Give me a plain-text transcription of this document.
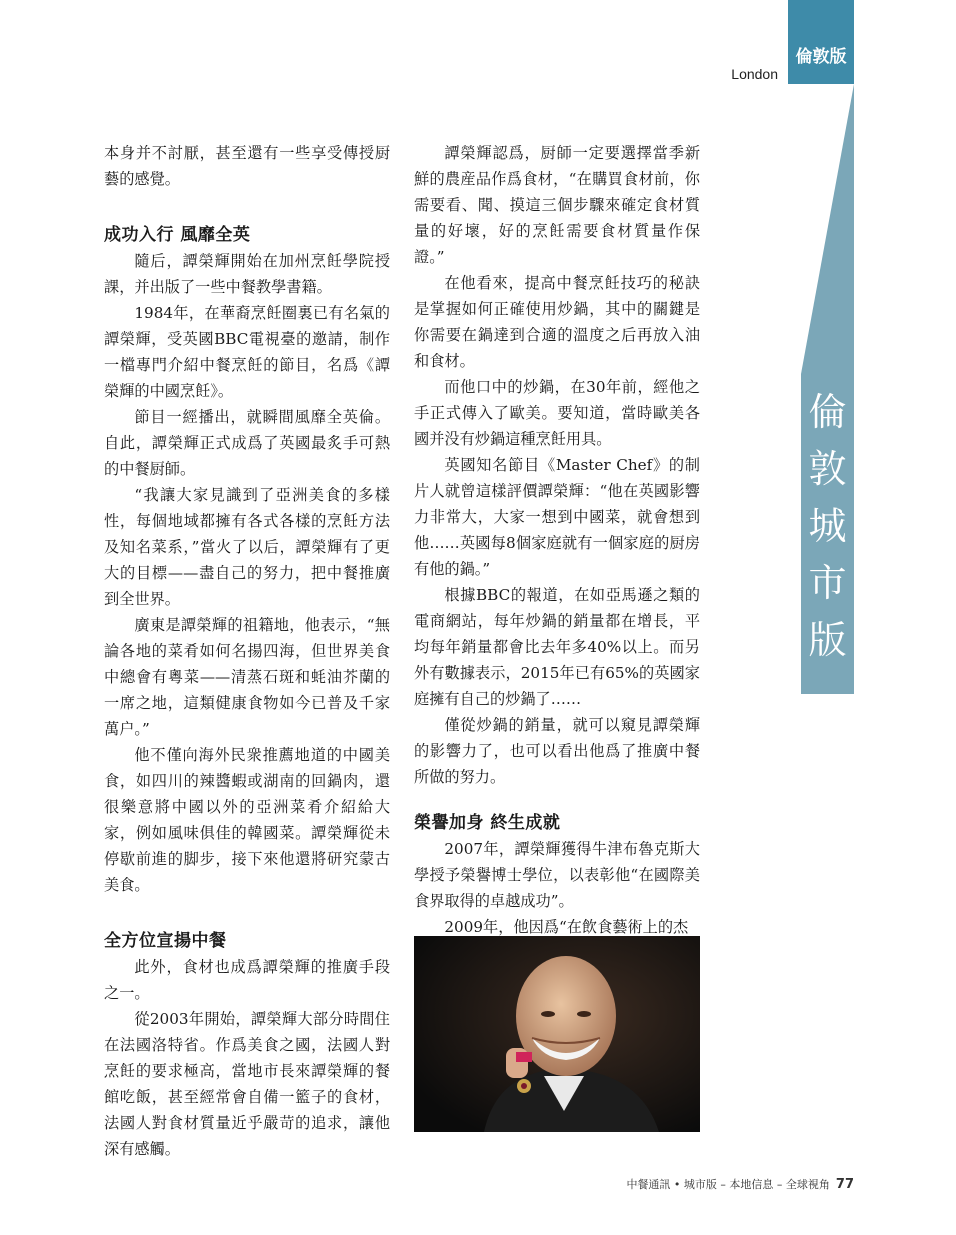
倫敦版
London
倫
敦
城
市
版

本身并不討厭，甚至還有一些享受傳授厨藝的感覺。

成功入行 風靡全英

隨后，譚榮輝開始在加州烹飪學院授課，并出版了一些中餐教學書籍。

1984年，在華裔烹飪圈裏已有名氣的譚榮輝，受英國BBC電視臺的邀請，制作一檔專門介紹中餐烹飪的節目，名爲《譚榮輝的中國烹飪》。

節目一經播出，就瞬間風靡全英倫。自此，譚榮輝正式成爲了英國最炙手可熱的中餐厨師。

“我讓大家見識到了亞洲美食的多樣性，每個地域都擁有各式各樣的烹飪方法及知名菜系，”當火了以后，譚榮輝有了更大的目標——盡自己的努力，把中餐推廣到全世界。

廣東是譚榮輝的祖籍地，他表示，“無論各地的菜肴如何名揚四海，但世界美食中總會有粵菜——清蒸石斑和蚝油芥蘭的一席之地，這類健康食物如今已普及千家萬户。”

他不僅向海外民衆推薦地道的中國美食，如四川的辣醬蝦或湖南的回鍋肉，還很樂意將中國以外的亞洲菜肴介紹給大家，例如風味俱佳的韓國菜。譚榮輝從未停歇前進的脚步，接下來他還將研究蒙古美食。

全方位宣揚中餐

此外，食材也成爲譚榮輝的推廣手段之一。

從2003年開始，譚榮輝大部分時間住在法國洛特省。作爲美食之國，法國人對烹飪的要求極高，當地市長來譚榮輝的餐館吃飯，甚至經常會自備一籃子的食材，法國人對食材質量近乎嚴苛的追求，讓他深有感觸。

譚榮輝認爲，厨師一定要選擇當季新鮮的農産品作爲食材，“在購買食材前，你需要看、聞、摸這三個步驟來確定食材質量的好壞，好的烹飪需要食材質量作保證。”

在他看來，提高中餐烹飪技巧的秘訣是掌握如何正確使用炒鍋，其中的關鍵是你需要在鍋達到合適的溫度之后再放入油和食材。

而他口中的炒鍋，在30年前，經他之手正式傳入了歐美。要知道，當時歐美各國并没有炒鍋這種烹飪用具。

英國知名節目《Master Chef》的制片人就曾這樣評價譚榮輝：“他在英國影響力非常大，大家一想到中國菜，就會想到他……英國每8個家庭就有一個家庭的厨房有他的鍋。”

根據BBC的報道，在如亞馬遜之類的電商網站，每年炒鍋的銷量都在增長，平均每年銷量都會比去年多40%以上。而另外有數據表示，2015年已有65%的英國家庭擁有自己的炒鍋了……

僅從炒鍋的銷量，就可以窺見譚榮輝的影響力了，也可以看出他爲了推廣中餐所做的努力。

榮譽加身 終生成就

2007年，譚榮輝獲得牛津布魯克斯大學授予榮譽博士學位，以表彰他“在國際美食界取得的卓越成功”。

2009年，他因爲“在飲食藝術上的杰

中餐通訊 • 城市版 – 本地信息 – 全球視角 77
